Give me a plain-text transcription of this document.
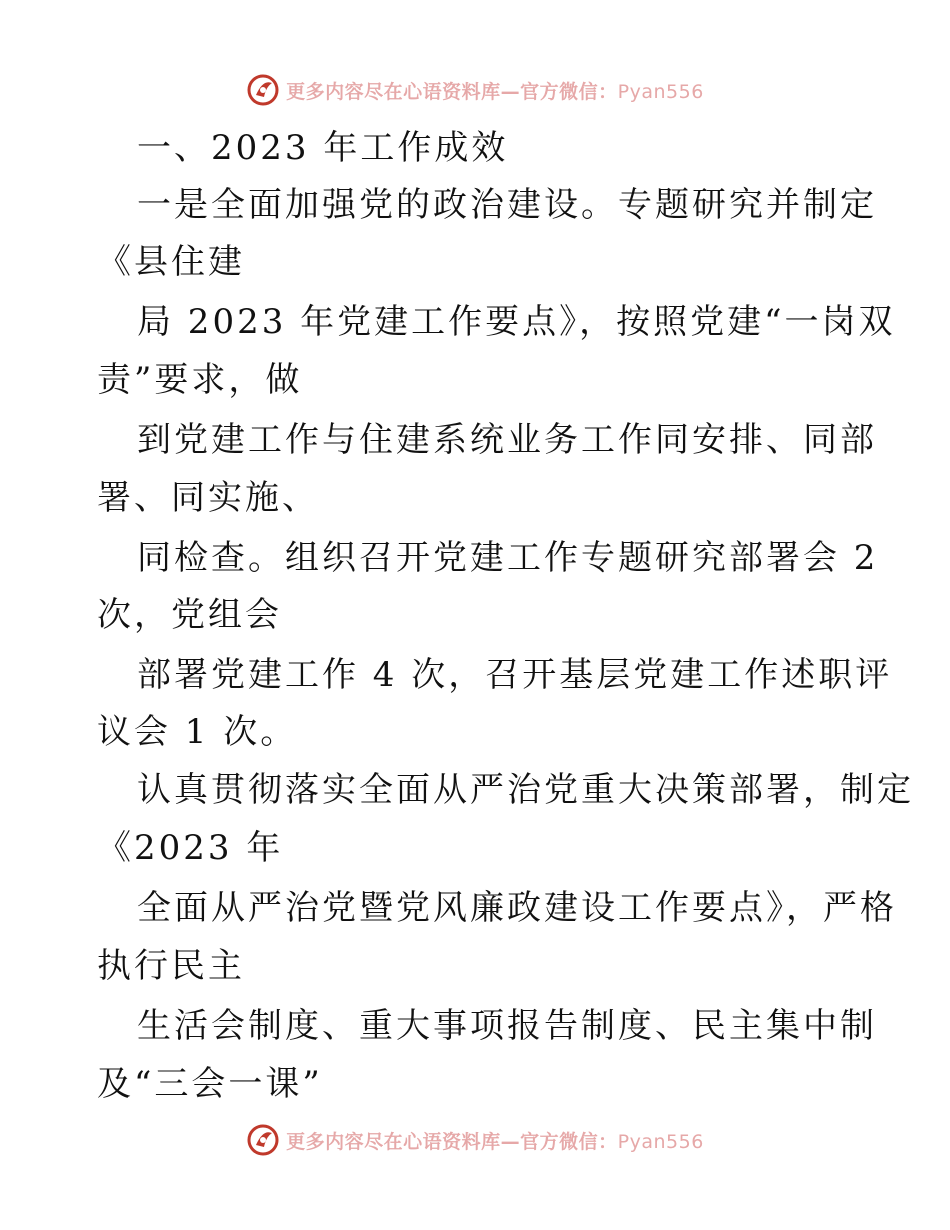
更多内容尽在心语资料库—官方微信：Pyan556
一、2023 年工作成效
一是全面加强党的政治建设。专题研究并制定
《县住建
局 2023 年党建工作要点》，按照党建“一岗双
责”要求，做
到党建工作与住建系统业务工作同安排、同部
署、同实施、
同检查。组织召开党建工作专题研究部署会 2
次，党组会
部署党建工作 4 次，召开基层党建工作述职评
议会 1 次。
认真贯彻落实全面从严治党重大决策部署，制定
《2023 年
全面从严治党暨党风廉政建设工作要点》，严格
执行民主
生活会制度、重大事项报告制度、民主集中制
及“三会一课”
更多内容尽在心语资料库—官方微信：Pyan556
